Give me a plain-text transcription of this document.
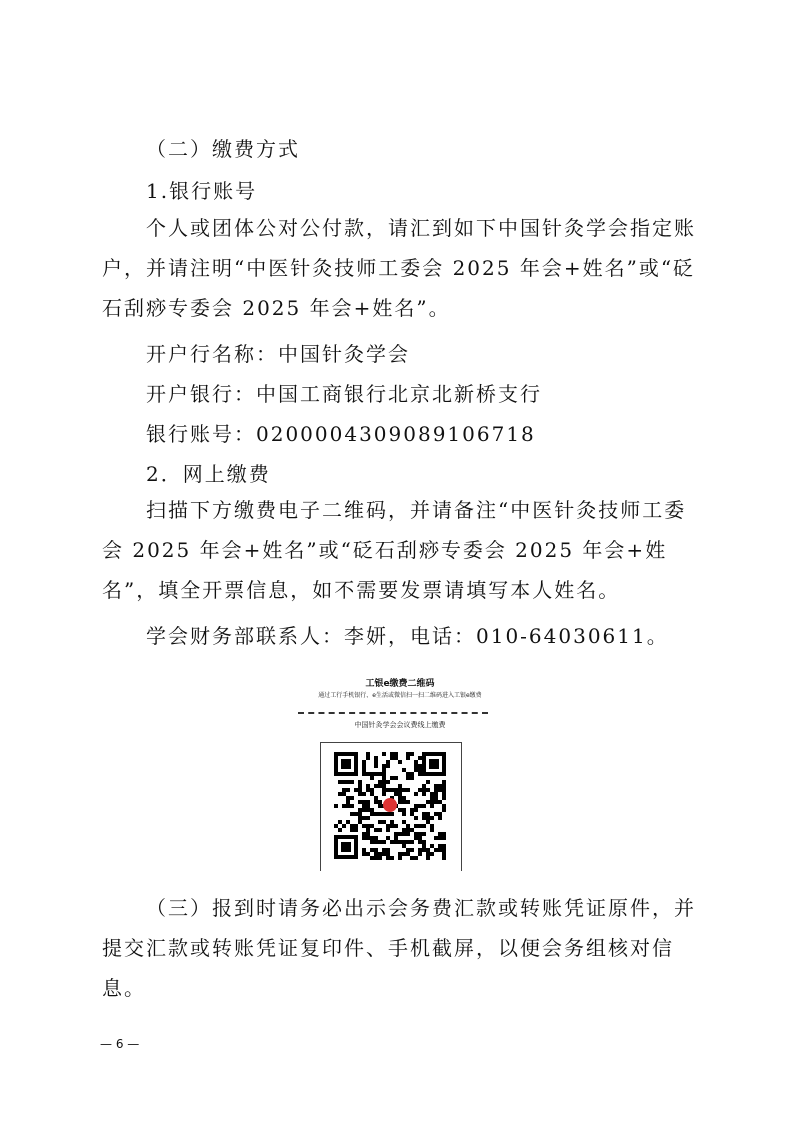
（二）缴费方式
1.银行账号

个人或团体公对公付款，请汇到如下中国针灸学会指定账户，并请注明“中医针灸技师工委会 2025 年会+姓名”或“砭石刮痧专委会 2025 年会+姓名”。

开户行名称：中国针灸学会
开户银行：中国工商银行北京北新桥支行
银行账号：0200004309089106718
2．网上缴费

扫描下方缴费电子二维码，并请备注“中医针灸技师工委会 2025 年会+姓名”或“砭石刮痧专委会 2025 年会+姓名”，填全开票信息，如不需要发票请填写本人姓名。

学会财务部联系人：李妍，电话：010-64030611。
工银e缴费二维码
通过工行手机银行、e生活或微信扫一扫二维码进入工银e缴费
中国针灸学会会议费线上缴费

（三）报到时请务必出示会务费汇款或转账凭证原件，并提交汇款或转账凭证复印件、手机截屏，以便会务组核对信息。

— 6 —
